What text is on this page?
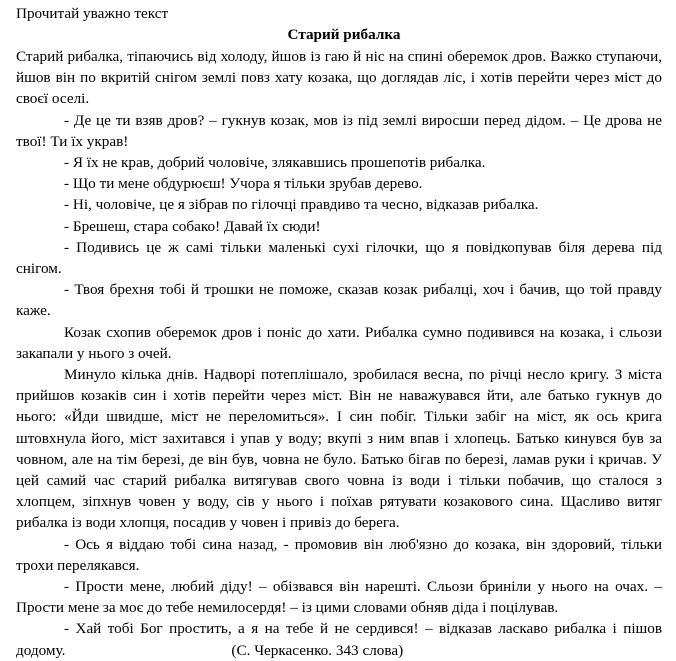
Прочитай уважно текст
Старий рибалка

Старий рибалка, тіпаючись від холоду, йшов із гаю й ніс на спині оберемок дров. Важко ступаючи, йшов він по вкритій снігом землі повз хату козака, що доглядав ліс, і хотів перейти через міст до своєї оселі.

- Де це ти взяв дров? – гукнув козак, мов із під землі виросши перед дідом. – Це дрова не твої! Ти їх украв!

- Я їх не крав, добрий чоловіче, злякавшись прошепотів рибалка.

- Що ти мене обдурюєш! Учора я тільки зрубав дерево.

- Ні, чоловіче, це я зібрав по гілочці правдиво та чесно, відказав рибалка.

- Брешеш, стара собако! Давай їх сюди!

- Подивись це ж самі тільки маленькі сухі гілочки, що я повідкопував біля дерева під снігом.

- Твоя брехня тобі й трошки не поможе, сказав козак рибалці, хоч і бачив, що той правду каже.

Козак схопив оберемок дров і поніс до хати. Рибалка сумно подивився на козака, і сльози закапали у нього з очей.

Минуло кілька днів. Надворі потеплішало, зробилася весна, по річці несло кригу. З міста прийшов козаків син і хотів перейти через міст. Він не наважувався йти, але батько гукнув до нього: «Йди швидше, міст не переломиться». І син побіг. Тільки забіг на міст, як ось крига штовхнула його, міст захитався і упав у воду; вкупі з ним впав і хлопець. Батько кинувся був за човном, але на тім березі, де він був, човна не було. Батько бігав по березі, ламав руки і кричав. У цей самий час старий рибалка витягував свого човна із води і тільки побачив, що сталося з хлопцем, зіпхнув човен у воду, сів у нього і поїхав рятувати козакового сина. Щасливо витяг рибалка із води хлопця, посадив у човен і привіз до берега.

- Ось я віддаю тобі сина назад, - промовив він люб'язно до козака, він здоровий, тільки трохи перелякався.

- Прости мене, любий діду! – обізвався він нарешті. Сльози бриніли у нього на очах. – Прости мене за моє до тебе немилосердя! – із цими словами обняв діда і поцілував.

- Хай тобі Бог простить, а я на тебе й не сердився! – відказав ласкаво рибалка і пішов додому.	(С. Черкасенко. 343 слова)
